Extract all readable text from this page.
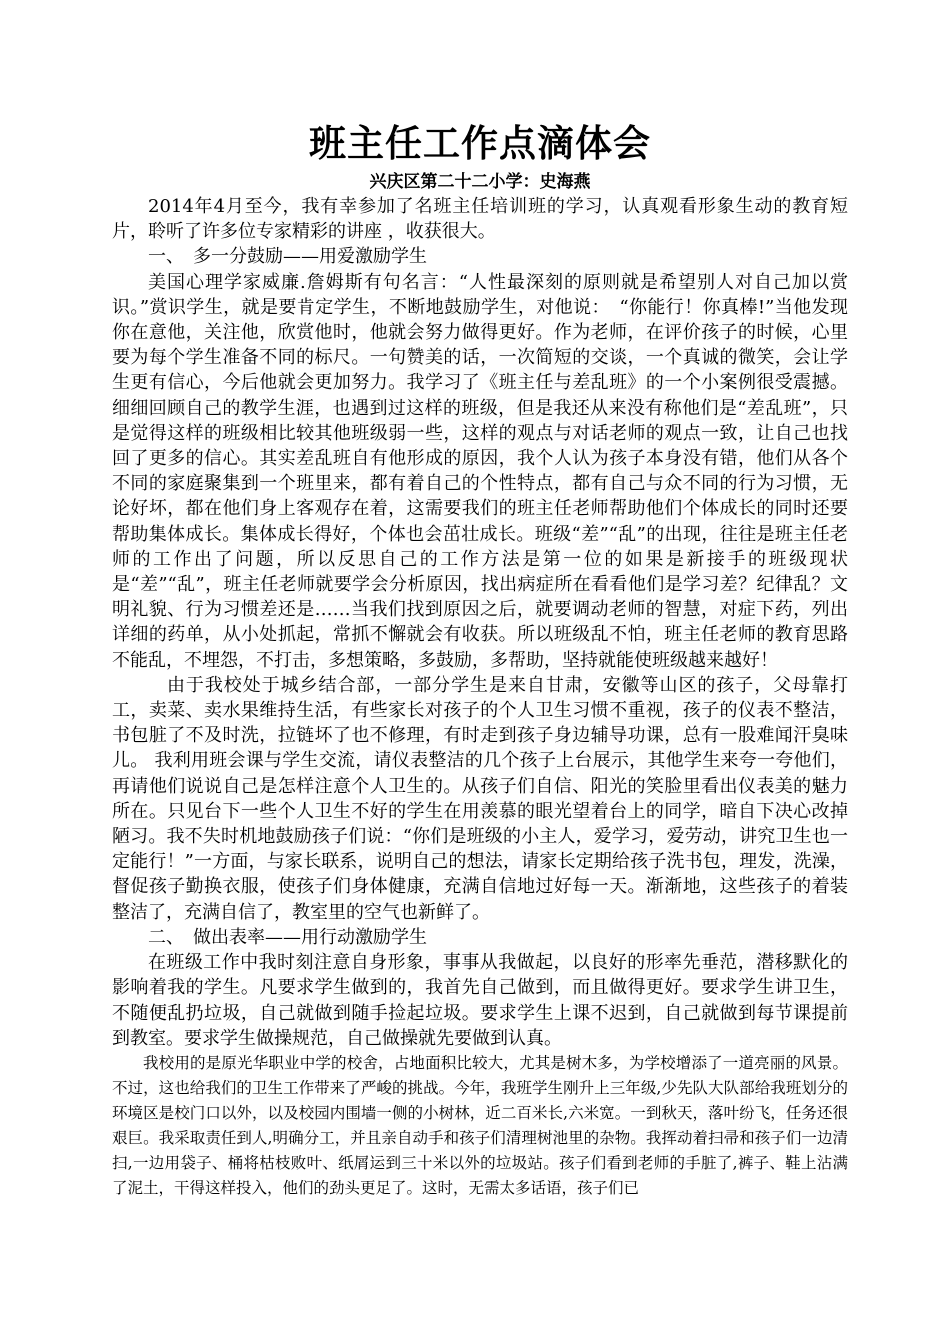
班主任工作点滴体会

兴庆区第二十二小学：史海燕

2014年4月至今，我有幸参加了名班主任培训班的学习，认真观看形象生动的教育短片，聆听了许多位专家精彩的讲座 ，收获很大。

一、　多一分鼓励——用爱激励学生

美国心理学家威廉.詹姆斯有句名言：“人性最深刻的原则就是希望别人对自己加以赏识。”赏识学生，就是要肯定学生，不断地鼓励学生，对他说：　“你能行！你真棒!”当他发现你在意他，关注他，欣赏他时，他就会努力做得更好。作为老师，在评价孩子的时候，心里要为每个学生准备不同的标尺。一句赞美的话，一次简短的交谈，一个真诚的微笑，会让学生更有信心，今后他就会更加努力。我学习了《班主任与差乱班》的一个小案例很受震撼。细细回顾自己的教学生涯，也遇到过这样的班级，但是我还从来没有称他们是“差乱班”，只是觉得这样的班级相比较其他班级弱一些，这样的观点与对话老师的观点一致，让自己也找回了更多的信心。其实差乱班自有他形成的原因，我个人认为孩子本身没有错，他们从各个不同的家庭聚集到一个班里来，都有着自己的个性特点，都有自己与众不同的行为习惯，无论好坏，都在他们身上客观存在着，这需要我们的班主任老师帮助他们个体成长的同时还要帮助集体成长。集体成长得好，个体也会茁壮成长。班级“差”“乱”的出现，往往是班主任老师的工作出了问题，所以反思自己的工作方法是第一位的如果是新接手的班级现状是“差”“乱”，班主任老师就要学会分析原因，找出病症所在看看他们是学习差？纪律乱？文明礼貌、行为习惯差还是……当我们找到原因之后，就要调动老师的智慧，对症下药，列出详细的药单，从小处抓起，常抓不懈就会有收获。所以班级乱不怕，班主任老师的教育思路不能乱，不埋怨，不打击，多想策略，多鼓励，多帮助，坚持就能使班级越来越好！

　由于我校处于城乡结合部，一部分学生是来自甘肃，安徽等山区的孩子，父母靠打工，卖菜、卖水果维持生活，有些家长对孩子的个人卫生习惯不重视，孩子的仪表不整洁，书包脏了不及时洗，拉链坏了也不修理，有时走到孩子身边辅导功课，总有一股难闻汗臭味儿。 我利用班会课与学生交流，请仪表整洁的几个孩子上台展示，其他学生来夸一夸他们，再请他们说说自己是怎样注意个人卫生的。从孩子们自信、阳光的笑脸里看出仪表美的魅力所在。只见台下一些个人卫生不好的学生在用羡慕的眼光望着台上的同学，暗自下决心改掉陋习。我不失时机地鼓励孩子们说：“你们是班级的小主人，爱学习，爱劳动，讲究卫生也一定能行！”一方面，与家长联系，说明自己的想法，请家长定期给孩子洗书包，理发，洗澡，督促孩子勤换衣服，使孩子们身体健康，充满自信地过好每一天。渐渐地，这些孩子的着装整洁了，充满自信了，教室里的空气也新鲜了。

二、　做出表率——用行动激励学生

在班级工作中我时刻注意自身形象，事事从我做起，以良好的形率先垂范，潜移默化的影响着我的学生。凡要求学生做到的，我首先自己做到，而且做得更好。要求学生讲卫生，不随便乱扔垃圾，自己就做到随手捡起垃圾。要求学生上课不迟到，自己就做到每节课提前到教室。要求学生做操规范，自己做操就先要做到认真。

我校用的是原光华职业中学的校舍，占地面积比较大，尤其是树木多，为学校增添了一道亮丽的风景。不过，这也给我们的卫生工作带来了严峻的挑战。今年，我班学生刚升上三年级,少先队大队部给我班划分的环境区是校门口以外，以及校园内围墙一侧的小树林，近二百米长,六米宽。一到秋天，落叶纷飞，任务还很艰巨。我采取责任到人,明确分工，并且亲自动手和孩子们清理树池里的杂物。我挥动着扫帚和孩子们一边清扫,一边用袋子、桶将枯枝败叶、纸屑运到三十米以外的垃圾站。孩子们看到老师的手脏了,裤子、鞋上沾满了泥土，干得这样投入，他们的劲头更足了。这时，无需太多话语，孩子们已
